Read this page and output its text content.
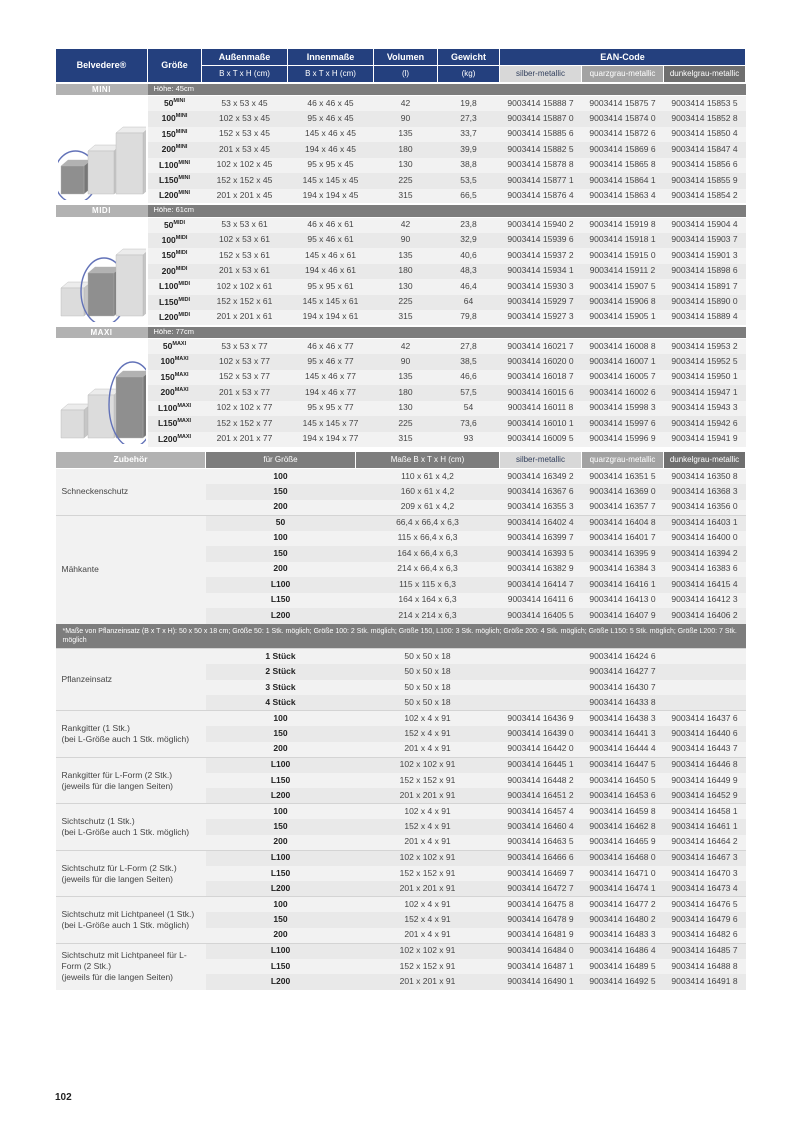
Belvedere®	Größe	Außenmaße	Innenmaße	Volumen	Gewicht	EAN-Code		
		B x T x H (cm)	B x T x H (cm)	(l)	(kg)	silber-metallic	quarzgrau-metallic	dunkelgrau-metallic
MINI	Höhe: 45cm							
	$50^{MINI}$	53 x 53 x 45	46 x 46 x 45	42	19,8	9003414 15888 7	9003414 15875 7	9003414 15853 5
	$100^{MINI}$	102 x 53 x 45	95 x 46 x 45	90	27,3	9003414 15887 0	9003414 15874 0	9003414 15852 8
	$150^{MINI}$	152 x 53 x 45	145 x 46 x 45	135	33,7	9003414 15885 6	9003414 15872 6	9003414 15850 4
	$200^{MINI}$	201 x 53 x 45	194 x 46 x 45	180	39,9	9003414 15882 5	9003414 15869 6	9003414 15847 4
	$L100^{MINI}$	102 x 102 x 45	95 x 95 x 45	130	38,8	9003414 15878 8	9003414 15865 8	9003414 15856 6
	$L150^{MINI}$	152 x 152 x 45	145 x 145 x 45	225	53,5	9003414 15877 1	9003414 15864 1	9003414 15855 9
	$L200^{MINI}$	201 x 201 x 45	194 x 194 x 45	315	66,5	9003414 15876 4	9003414 15863 4	9003414 15854 2
MIDI	Höhe: 61cm							
	$50^{MIDI}$	53 x 53 x 61	46 x 46 x 61	42	23,8	9003414 15940 2	9003414 15919 8	9003414 15904 4
	$100^{MIDI}$	102 x 53 x 61	95 x 46 x 61	90	32,9	9003414 15939 6	9003414 15918 1	9003414 15903 7
	$150^{MIDI}$	152 x 53 x 61	145 x 46 x 61	135	40,6	9003414 15937 2	9003414 15915 0	9003414 15901 3
	$200^{MIDI}$	201 x 53 x 61	194 x 46 x 61	180	48,3	9003414 15934 1	9003414 15911 2	9003414 15898 6
	$L100^{MIDI}$	102 x 102 x 61	95 x 95 x 61	130	46,4	9003414 15930 3	9003414 15907 5	9003414 15891 7
	$L150^{MIDI}$	152 x 152 x 61	145 x 145 x 61	225	64	9003414 15929 7	9003414 15906 8	9003414 15890 0
	$L200^{MIDI}$	201 x 201 x 61	194 x 194 x 61	315	79,8	9003414 15927 3	9003414 15905 1	9003414 15889 4
MAXI	Höhe: 77cm							
	$50^{MAXI}$	53 x 53 x 77	46 x 46 x 77	42	27,8	9003414 16021 7	9003414 16008 8	9003414 15953 2
	$100^{MAXI}$	102 x 53 x 77	95 x 46 x 77	90	38,5	9003414 16020 0	9003414 16007 1	9003414 15952 5
	$150^{MAXI}$	152 x 53 x 77	145 x 46 x 77	135	46,6	9003414 16018 7	9003414 16005 7	9003414 15950 1
	$200^{MAXI}$	201 x 53 x 77	194 x 46 x 77	180	57,5	9003414 16015 6	9003414 16002 6	9003414 15947 1
	$L100^{MAXI}$	102 x 102 x 77	95 x 95 x 77	130	54	9003414 16011 8	9003414 15998 3	9003414 15943 3
	$L150^{MAXI}$	152 x 152 x 77	145 x 145 x 77	225	73,6	9003414 16010 1	9003414 15997 6	9003414 15942 6
	$L200^{MAXI}$	201 x 201 x 77	194 x 194 x 77	315	93	9003414 16009 5	9003414 15996 9	9003414 15941 9
Zubehör	für Größe	Maße B x T x H (cm)	silber-metallic	quarzgrau-metallic	dunkelgrau-metallic

Schneckenschutz	100	110 x 61 x 4,2	9003414 16349 2	9003414 16351 5	9003414 16350 8
	150	160 x 61 x 4,2	9003414 16367 6	9003414 16369 0	9003414 16368 3
	200	209 x 61 x 4,2	9003414 16355 3	9003414 16357 7	9003414 16356 0

Mähkante	50	66,4 x 66,4 x 6,3	9003414 16402 4	9003414 16404 8	9003414 16403 1
	100	115 x 66,4 x 6,3	9003414 16399 7	9003414 16401 7	9003414 16400 0
	150	164 x 66,4 x 6,3	9003414 16393 5	9003414 16395 9	9003414 16394 2
	200	214 x 66,4 x 6,3	9003414 16382 9	9003414 16384 3	9003414 16383 6
	L100	115 x 115 x 6,3	9003414 16414 7	9003414 16416 1	9003414 16415 4
	L150	164 x 164 x 6,3	9003414 16411 6	9003414 16413 0	9003414 16412 3
	L200	214 x 214 x 6,3	9003414 16405 5	9003414 16407 9	9003414 16406 2
*Maße von Pflanzeinsatz (B x T x H): 50 x 50 x 18 cm; Größe 50: 1 Stk. möglich; Größe 100: 2 Stk. möglich; Größe 150, L100: 3 Stk. möglich; Größe 200: 4 Stk. möglich; Größe L150: 5 Stk. möglich; Größe L200: 7 Stk. möglich					

Pflanzeinsatz	1 Stück	50 x 50 x 18		9003414 16424 6	
	2 Stück	50 x 50 x 18		9003414 16427 7	
	3 Stück	50 x 50 x 18		9003414 16430 7	
	4 Stück	50 x 50 x 18		9003414 16433 8	

Rankgitter (1 Stk.)
(bei L-Größe auch 1 Stk. möglich)	100	102 x 4 x 91	9003414 16436 9	9003414 16438 3	9003414 16437 6
	150	152 x 4 x 91	9003414 16439 0	9003414 16441 3	9003414 16440 6
	200	201 x 4 x 91	9003414 16442 0	9003414 16444 4	9003414 16443 7

Rankgitter für L-Form (2 Stk.)
(jeweils für die langen Seiten)	L100	102 x 102 x 91	9003414 16445 1	9003414 16447 5	9003414 16446 8
	L150	152 x 152 x 91	9003414 16448 2	9003414 16450 5	9003414 16449 9
	L200	201 x 201 x 91	9003414 16451 2	9003414 16453 6	9003414 16452 9

Sichtschutz (1 Stk.)
(bei L-Größe auch 1 Stk. möglich)	100	102 x 4 x 91	9003414 16457 4	9003414 16459 8	9003414 16458 1
	150	152 x 4 x 91	9003414 16460 4	9003414 16462 8	9003414 16461 1
	200	201 x 4 x 91	9003414 16463 5	9003414 16465 9	9003414 16464 2

Sichtschutz für L-Form (2 Stk.)
(jeweils für die langen Seiten)	L100	102 x 102 x 91	9003414 16466 6	9003414 16468 0	9003414 16467 3
	L150	152 x 152 x 91	9003414 16469 7	9003414 16471 0	9003414 16470 3
	L200	201 x 201 x 91	9003414 16472 7	9003414 16474 1	9003414 16473 4

Sichtschutz mit Lichtpaneel (1 Stk.)
(bei L-Größe auch 1 Stk. möglich)	100	102 x 4 x 91	9003414 16475 8	9003414 16477 2	9003414 16476 5
	150	152 x 4 x 91	9003414 16478 9	9003414 16480 2	9003414 16479 6
	200	201 x 4 x 91	9003414 16481 9	9003414 16483 3	9003414 16482 6

Sichtschutz mit Lichtpaneel für L-Form (2 Stk.)
(jeweils für die langen Seiten)	L100	102 x 102 x 91	9003414 16484 0	9003414 16486 4	9003414 16485 7
	L150	152 x 152 x 91	9003414 16487 1	9003414 16489 5	9003414 16488 8
	L200	201 x 201 x 91	9003414 16490 1	9003414 16492 5	9003414 16491 8
102
